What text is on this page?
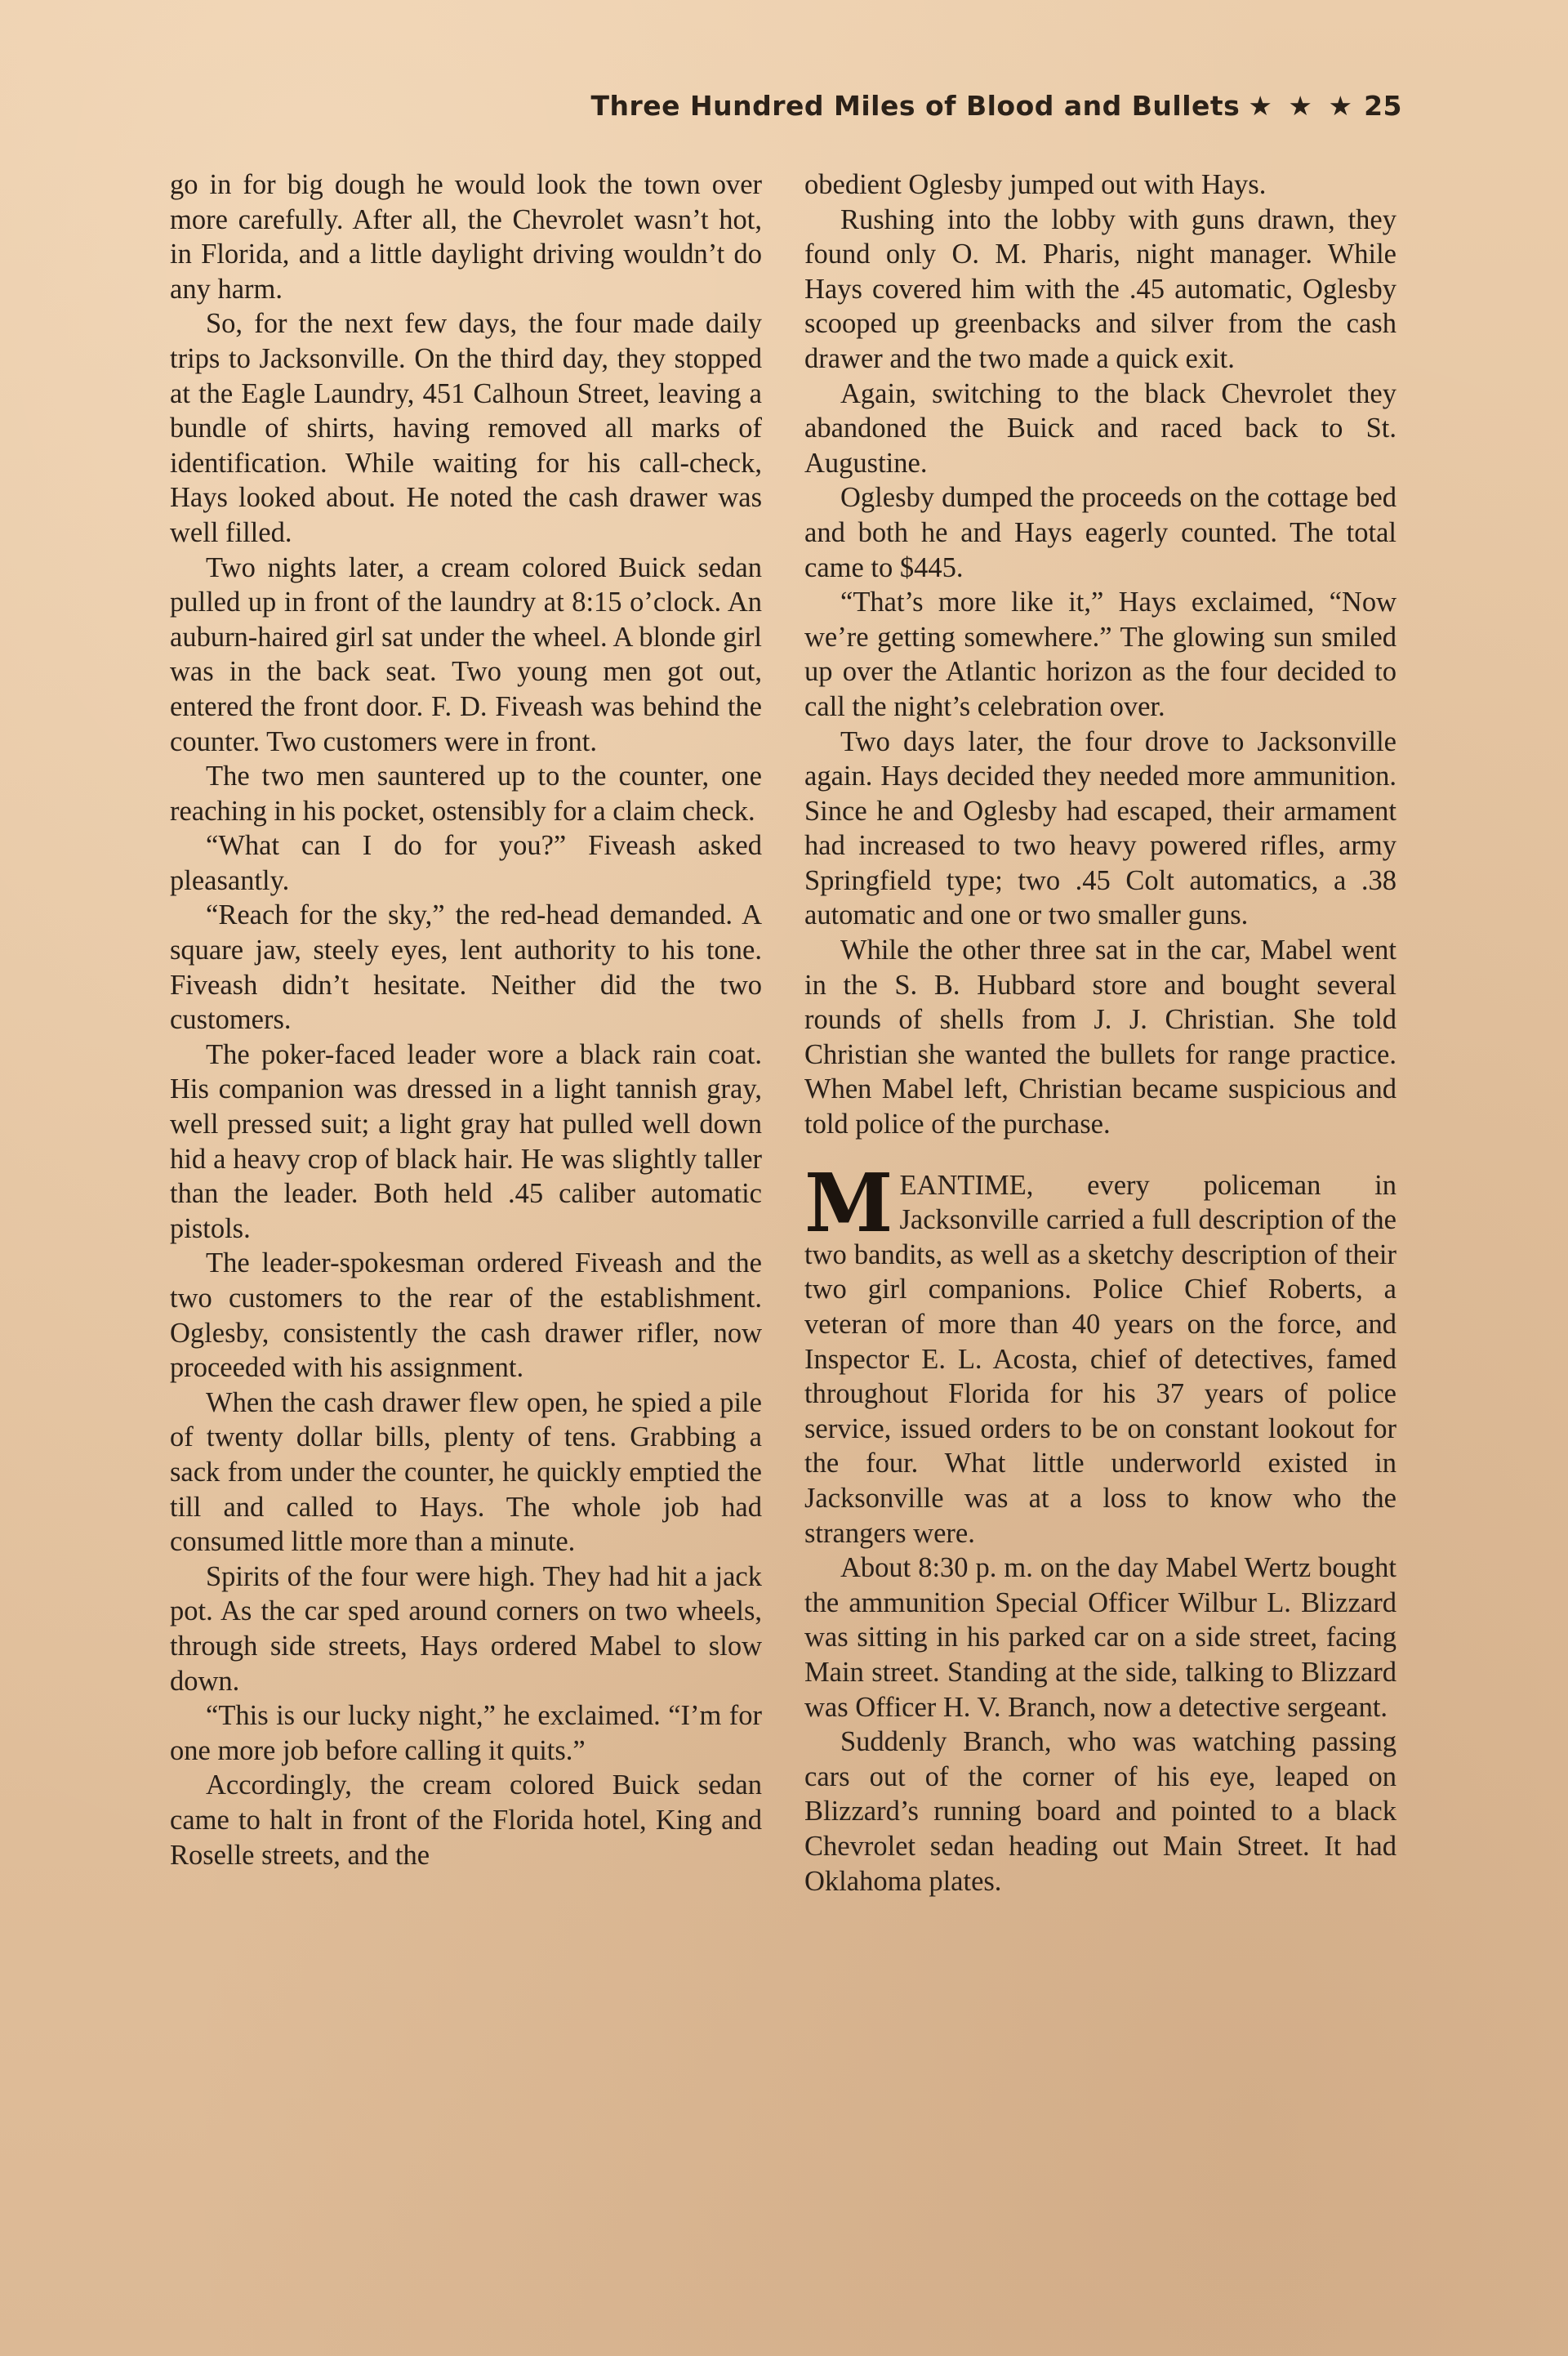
Three Hundred Miles of Blood and Bullets ★ ★ ★ 25

go in for big dough he would look the town over more carefully. After all, the Chevrolet wasn’t hot, in Florida, and a little daylight driving wouldn’t do any harm.

So, for the next few days, the four made daily trips to Jacksonville. On the third day, they stopped at the Eagle Laundry, 451 Calhoun Street, leaving a bundle of shirts, having removed all marks of identification. While waiting for his call-check, Hays looked about. He noted the cash drawer was well filled.

Two nights later, a cream colored Buick sedan pulled up in front of the laundry at 8:15 o’clock. An auburn-haired girl sat under the wheel. A blonde girl was in the back seat. Two young men got out, entered the front door. F. D. Fiveash was behind the counter. Two customers were in front.

The two men sauntered up to the counter, one reaching in his pocket, ostensibly for a claim check.

“What can I do for you?” Fiveash asked pleasantly.

“Reach for the sky,” the red-head demanded. A square jaw, steely eyes, lent authority to his tone. Fiveash didn’t hesitate. Neither did the two customers.

The poker-faced leader wore a black rain coat. His companion was dressed in a light tannish gray, well pressed suit; a light gray hat pulled well down hid a heavy crop of black hair. He was slightly taller than the leader. Both held .45 caliber automatic pistols.

The leader-spokesman ordered Fiveash and the two customers to the rear of the establishment. Oglesby, consistently the cash drawer rifler, now proceeded with his assignment.

When the cash drawer flew open, he spied a pile of twenty dollar bills, plenty of tens. Grabbing a sack from under the counter, he quickly emptied the till and called to Hays. The whole job had consumed little more than a minute.

Spirits of the four were high. They had hit a jack pot. As the car sped around corners on two wheels, through side streets, Hays ordered Mabel to slow down.

“This is our lucky night,” he exclaimed. “I’m for one more job before calling it quits.”

Accordingly, the cream colored Buick sedan came to halt in front of the Florida hotel, King and Roselle streets, and the

obedient Oglesby jumped out with Hays.

Rushing into the lobby with guns drawn, they found only O. M. Pharis, night manager. While Hays covered him with the .45 automatic, Oglesby scooped up greenbacks and silver from the cash drawer and the two made a quick exit.

Again, switching to the black Chevrolet they abandoned the Buick and raced back to St. Augustine.

Oglesby dumped the proceeds on the cottage bed and both he and Hays eagerly counted. The total came to $445.

“That’s more like it,” Hays exclaimed, “Now we’re getting somewhere.” The glowing sun smiled up over the Atlantic horizon as the four decided to call the night’s celebration over.

Two days later, the four drove to Jacksonville again. Hays decided they needed more ammunition. Since he and Oglesby had escaped, their armament had increased to two heavy powered rifles, army Springfield type; two .45 Colt automatics, a .38 automatic and one or two smaller guns.

While the other three sat in the car, Mabel went in the S. B. Hubbard store and bought several rounds of shells from J. J. Christian. She told Christian she wanted the bullets for range practice. When Mabel left, Christian became suspicious and told police of the purchase.

MEANTIME, every policeman in Jacksonville carried a full description of the two bandits, as well as a sketchy description of their two girl companions. Police Chief Roberts, a veteran of more than 40 years on the force, and Inspector E. L. Acosta, chief of detectives, famed throughout Florida for his 37 years of police service, issued orders to be on constant lookout for the four. What little underworld existed in Jacksonville was at a loss to know who the strangers were.

About 8:30 p. m. on the day Mabel Wertz bought the ammunition Special Officer Wilbur L. Blizzard was sitting in his parked car on a side street, facing Main street. Standing at the side, talking to Blizzard was Officer H. V. Branch, now a detective sergeant.

Suddenly Branch, who was watching passing cars out of the corner of his eye, leaped on Blizzard’s running board and pointed to a black Chevrolet sedan heading out Main Street. It had Oklahoma plates.
